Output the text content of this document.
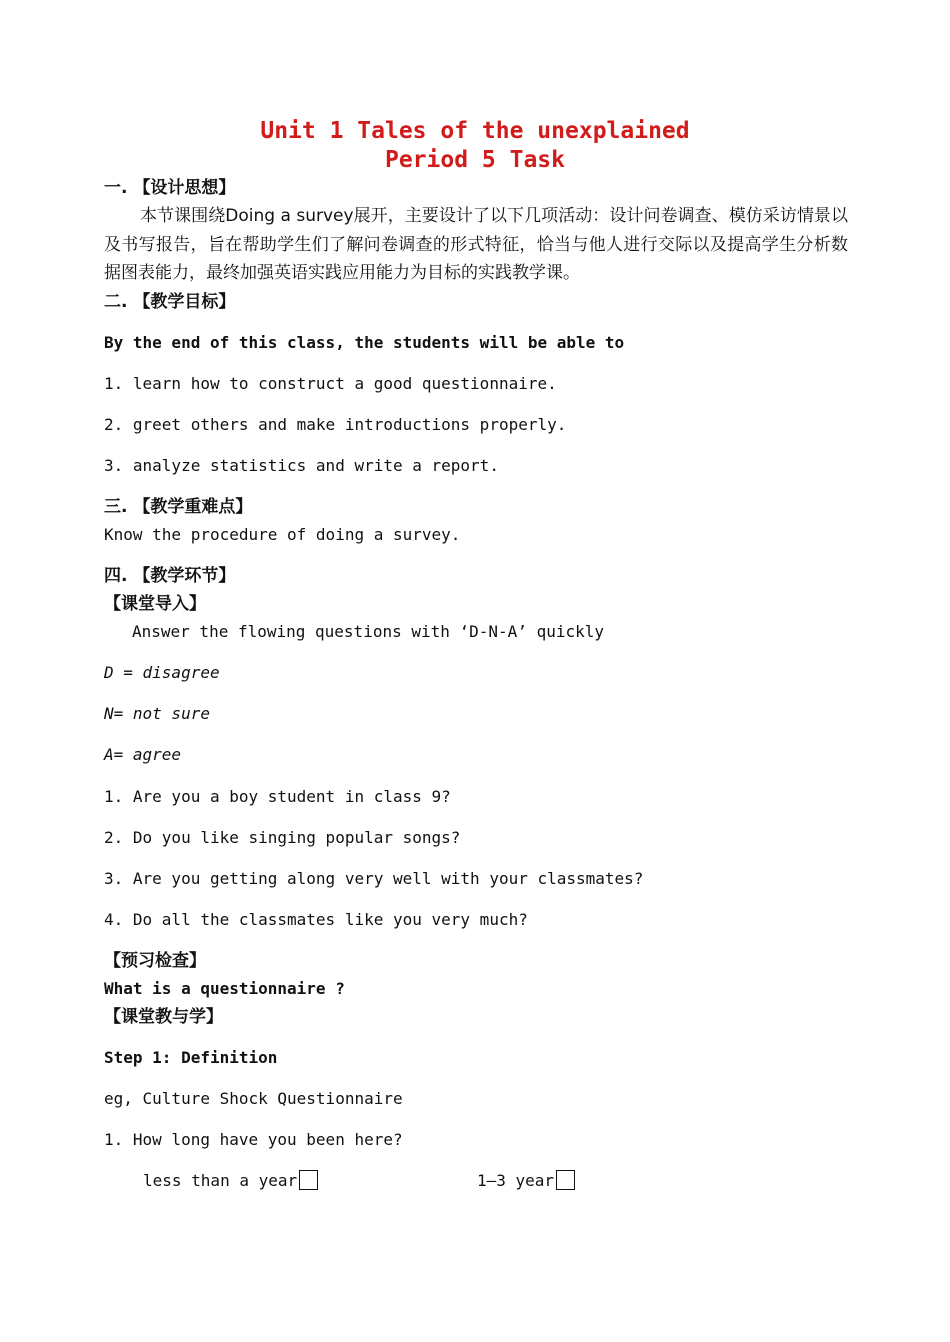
Unit 1 Tales of the unexplained
Period 5 Task
一. 【设计思想】
本节课围绕Doing a survey展开，主要设计了以下几项活动：设计问卷调查、模仿采访情景以及书写报告，旨在帮助学生们了解问卷调查的形式特征，恰当与他人进行交际以及提高学生分析数据图表能力，最终加强英语实践应用能力为目标的实践教学课。
二. 【教学目标】
By the end of this class, the students will be able to
1. learn how to construct a good questionnaire.
2. greet others and make introductions properly.
3. analyze statistics and write a report.
三. 【教学重难点】
Know the procedure of doing a survey.
四. 【教学环节】
【课堂导入】
Answer the flowing questions with ‘D-N-A’ quickly
D = disagree
N= not sure
A= agree
1. Are you a boy student in class 9?
2. Do you like singing popular songs?
3. Are you getting along very well with your classmates?
4. Do all the classmates like you very much?
【预习检查】
What is a questionnaire ?
【课堂教与学】
Step 1: Definition
eg, Culture Shock Questionnaire
1. How long have you been here?
less than a year	1—3 year
